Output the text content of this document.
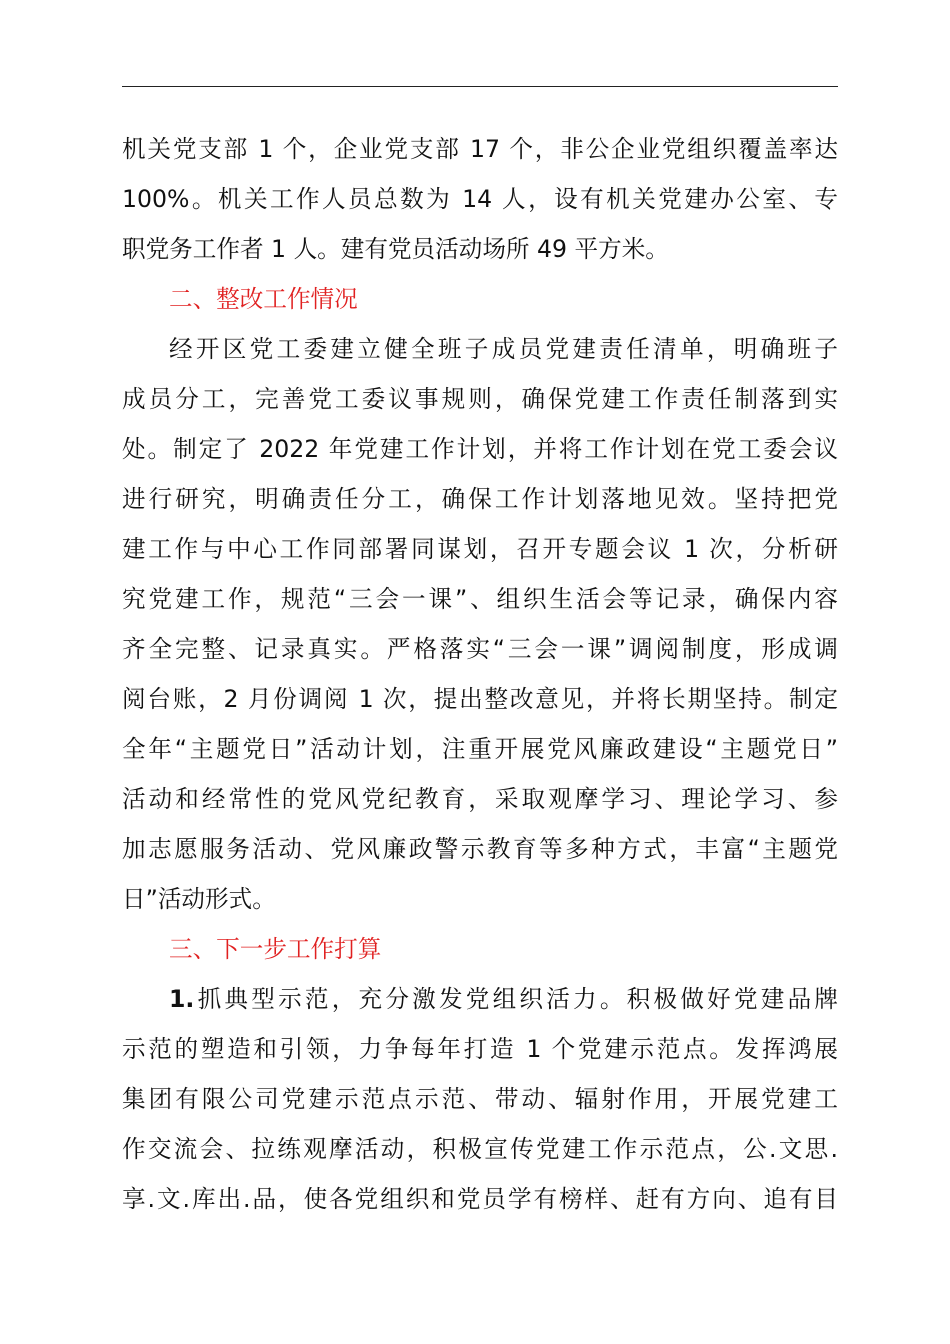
机关党支部 1 个，企业党支部 17 个，非公企业党组织覆盖率达
100%。机关工作人员总数为 14 人，设有机关党建办公室、专
职党务工作者 1 人。建有党员活动场所 49 平方米。
二、整改工作情况
经开区党工委建立健全班子成员党建责任清单，明确班子
成员分工，完善党工委议事规则，确保党建工作责任制落到实
处。制定了 2022 年党建工作计划，并将工作计划在党工委会议
进行研究，明确责任分工，确保工作计划落地见效。坚持把党
建工作与中心工作同部署同谋划，召开专题会议 1 次，分析研
究党建工作，规范“三会一课”、组织生活会等记录，确保内容
齐全完整、记录真实。严格落实“三会一课”调阅制度，形成调
阅台账，2 月份调阅 1 次，提出整改意见，并将长期坚持。制定
全年“主题党日”活动计划，注重开展党风廉政建设“主题党日”
活动和经常性的党风党纪教育，采取观摩学习、理论学习、参
加志愿服务活动、党风廉政警示教育等多种方式，丰富“主题党
日”活动形式。
三、下一步工作打算
1.抓典型示范，充分激发党组织活力。积极做好党建品牌
示范的塑造和引领，力争每年打造 1 个党建示范点。发挥鸿展
集团有限公司党建示范点示范、带动、辐射作用，开展党建工
作交流会、拉练观摩活动，积极宣传党建工作示范点，公.文思.
享.文.库出.品，使各党组织和党员学有榜样、赶有方向、追有目
